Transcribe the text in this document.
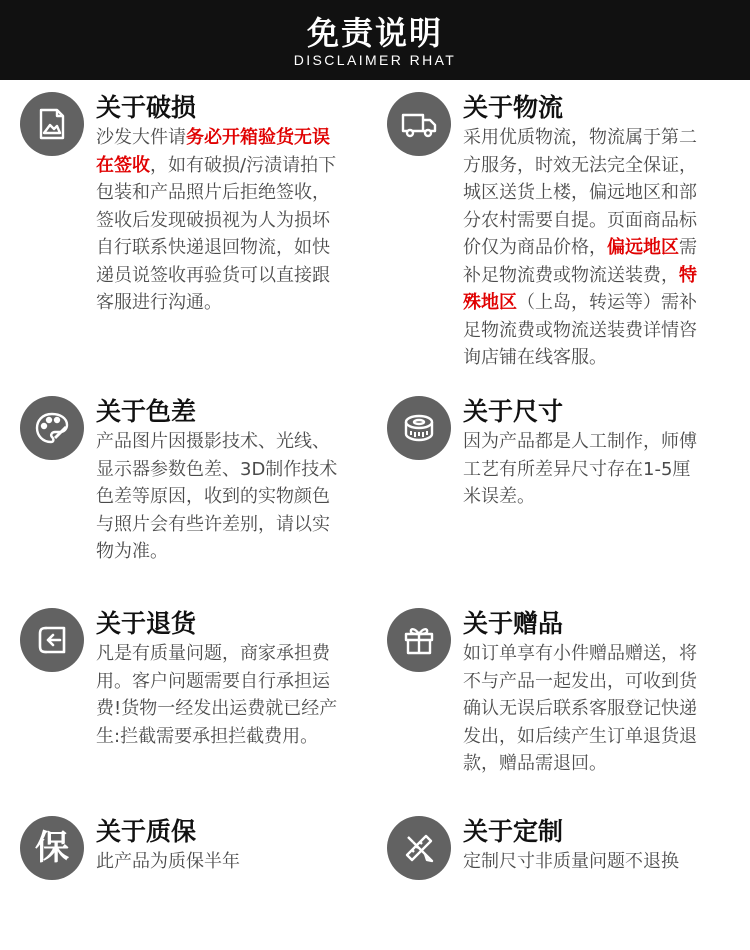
免责说明
DISCLAIMER RHAT
关于破损
沙发大件请务必开箱验货无误
在签收，如有破损/污渍请拍下
包装和产品照片后拒绝签收，
签收后发现破损视为人为损坏
自行联系快递退回物流，如快
递员说签收再验货可以直接跟
客服进行沟通。
关于物流
采用优质物流，物流属于第二
方服务，时效无法完全保证，
城区送货上楼，偏远地区和部
分农村需要自提。页面商品标
价仅为商品价格，偏远地区需
补足物流费或物流送装费，特
殊地区（上岛，转运等）需补
足物流费或物流送装费详情咨
询店铺在线客服。
关于色差
产品图片因摄影技术、光线、
显示器参数色差、3D制作技术
色差等原因，收到的实物颜色
与照片会有些许差别，请以实
物为准。
关于尺寸
因为产品都是人工制作，师傅
工艺有所差异尺寸存在1-5厘
米误差。
关于退货
凡是有质量问题，商家承担费
用。客户问题需要自行承担运
费!货物一经发出运费就已经产
生:拦截需要承担拦截费用。
关于赠品
如订单享有小件赠品赠送，将
不与产品一起发出，可收到货
确认无误后联系客服登记快递
发出，如后续产生订单退货退
款，赠品需退回。
保 关于质保
此产品为质保半年
关于定制
定制尺寸非质量问题不退换
